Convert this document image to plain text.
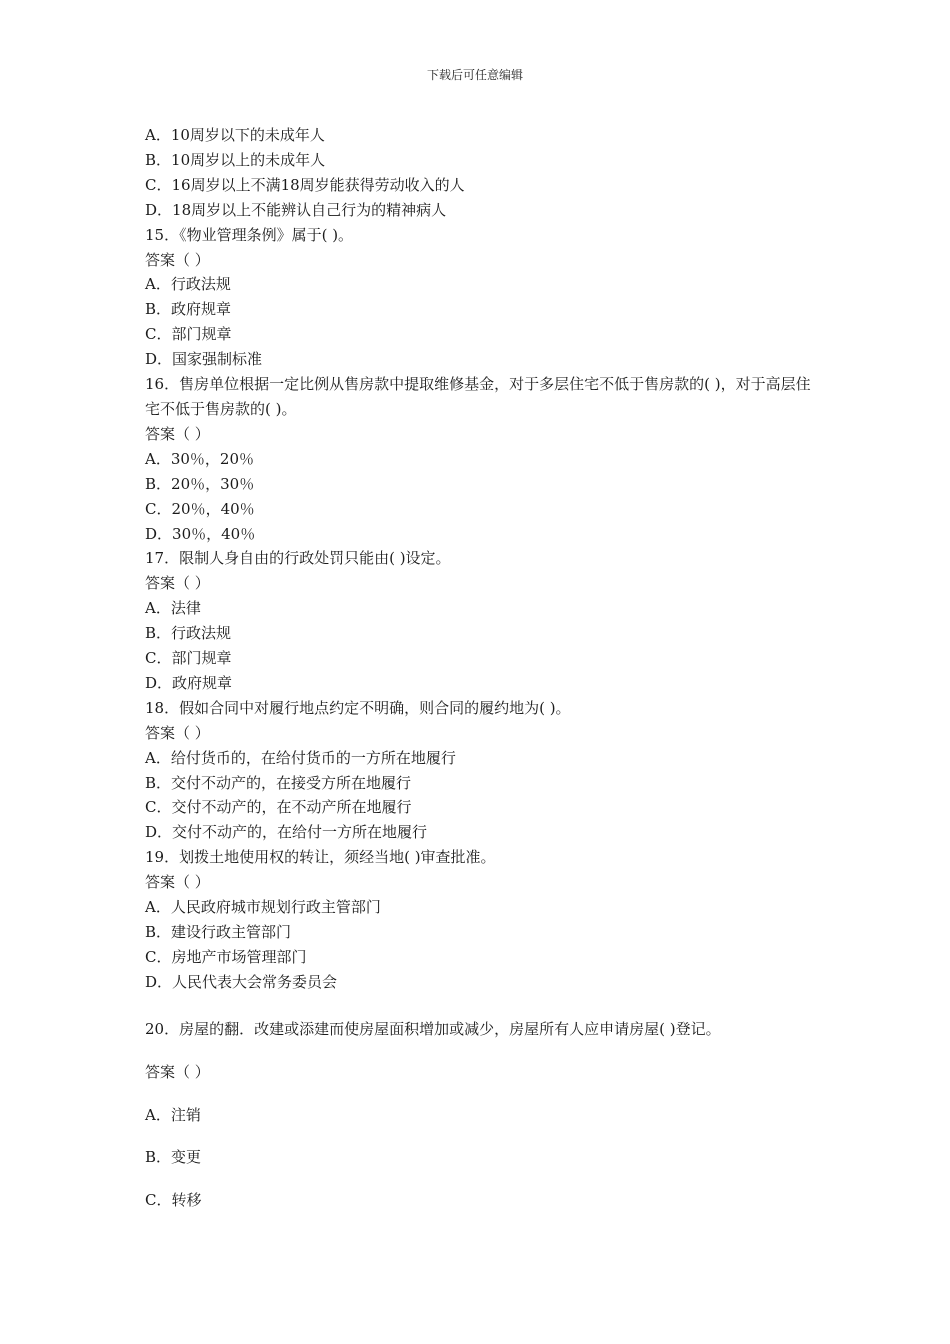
下载后可任意编辑
A．10周岁以下的未成年人
B．10周岁以上的未成年人
C．16周岁以上不满18周岁能获得劳动收入的人
D．18周岁以上不能辨认自己行为的精神病人
15．《物业管理条例》属于( )。
答案（ ）
A．行政法规
B．政府规章
C．部门规章
D．国家强制标准
16．售房单位根据一定比例从售房款中提取维修基金，对于多层住宅不低于售房款的( )，对于高层住宅不低于售房款的( )。
答案（ ）
A．30％，20％
B．20％，30％
C．20％，40％
D．30％，40％
17．限制人身自由的行政处罚只能由( )设定。
答案（ ）
A．法律
B．行政法规
C．部门规章
D．政府规章
18．假如合同中对履行地点约定不明确，则合同的履约地为( )。
答案（ ）
A．给付货币的，在给付货币的一方所在地履行
B．交付不动产的，在接受方所在地履行
C．交付不动产的，在不动产所在地履行
D．交付不动产的，在给付一方所在地履行
19．划拨土地使用权的转让，须经当地( )审查批准。
答案（ ）
A．人民政府城市规划行政主管部门
B．建设行政主管部门
C．房地产市场管理部门
D．人民代表大会常务委员会
20．房屋的翻．改建或添建而使房屋面积增加或减少，房屋所有人应申请房屋( )登记。
答案（ ）
A．注销
B．变更
C．转移
